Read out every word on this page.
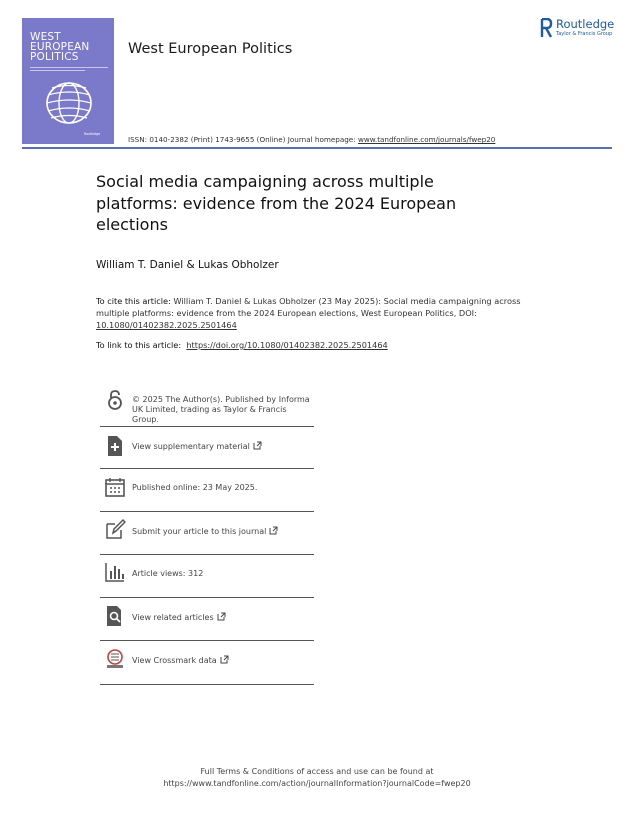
WEST
EUROPEAN
POLITICS
Routledge
West European Politics
Routledge
Taylor & Francis Group
ISSN: 0140-2382 (Print) 1743-9655 (Online) Journal homepage: www.tandfonline.com/journals/fwep20
Social media campaigning across multiple platforms: evidence from the 2024 European elections
William T. Daniel & Lukas Obholzer
To cite this article: William T. Daniel & Lukas Obholzer (23 May 2025): Social media campaigning across multiple platforms: evidence from the 2024 European elections, West European Politics, DOI: 10.1080/01402382.2025.2501464
To link to this article: https://doi.org/10.1080/01402382.2025.2501464
© 2025 The Author(s). Published by Informa UK Limited, trading as Taylor & Francis Group.
View supplementary material
Published online: 23 May 2025.
Submit your article to this journal
Article views: 312
View related articles
View Crossmark data
Full Terms & Conditions of access and use can be found at
https://www.tandfonline.com/action/journalInformation?journalCode=fwep20
